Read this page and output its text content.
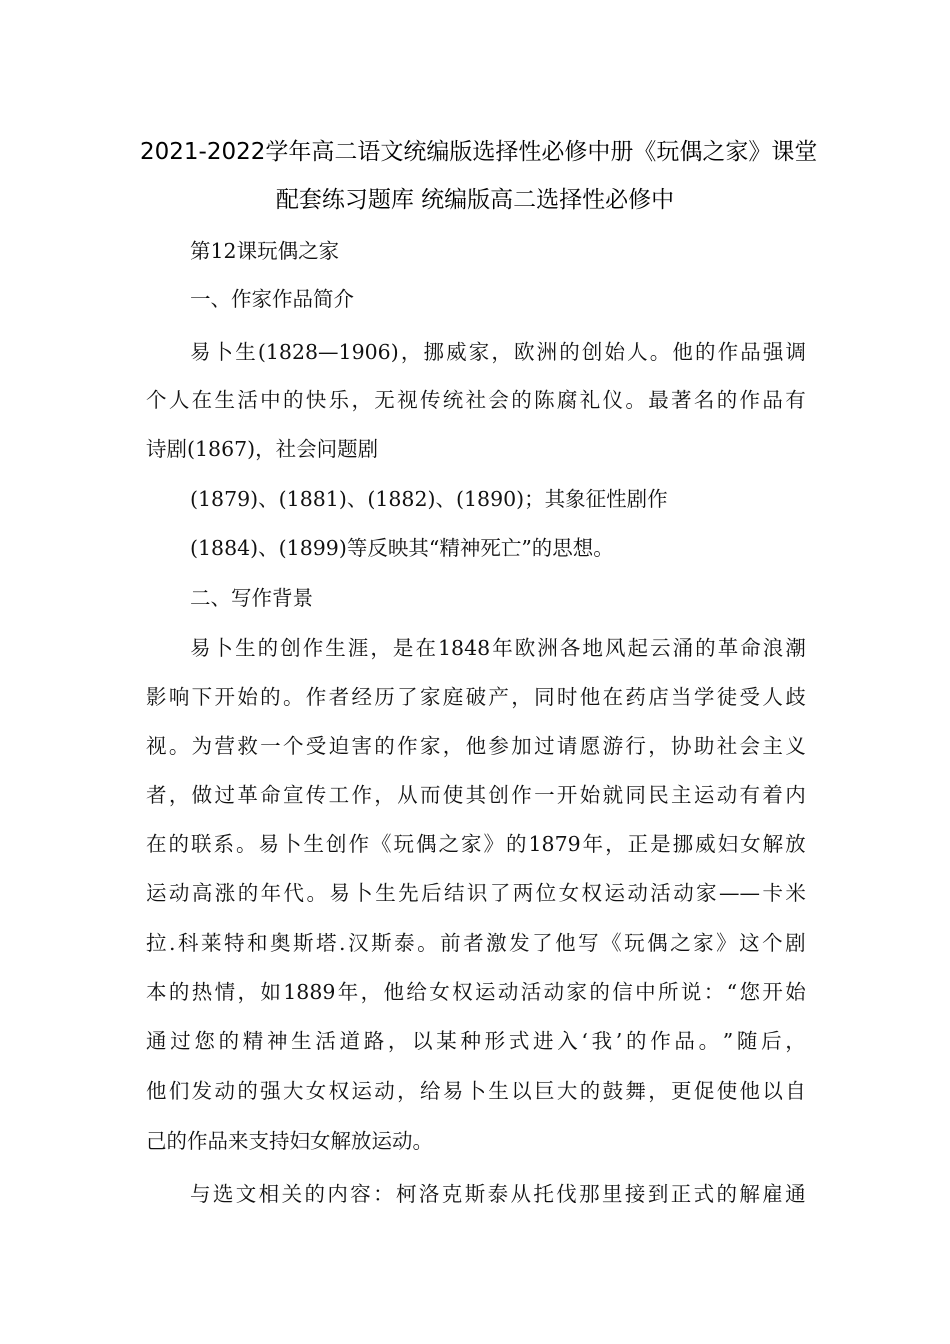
2021-2022学年高二语文统编版选择性必修中册《玩偶之家》课堂
配套练习题库 统编版高二选择性必修中
第12课玩偶之家
一、作家作品简介
易 卜 生 (1828—1906) ， 挪 威 家 ， 欧 洲 的 创 始 人 。 他 的 作 品 强 调
个 人 在 生 活 中 的 快 乐 ， 无 视 传 统 社 会 的 陈 腐 礼 仪 。 最 著 名 的 作 品 有
诗剧(1867)，社会问题剧
(1879)、(1881)、(1882)、(1890)；其象征性剧作
(1884)、(1899)等反映其“精神死亡”的思想。
二、写作背景
易 卜 生 的 创 作 生 涯 ， 是 在 1848 年 欧 洲 各 地 风 起 云 涌 的 革 命 浪 潮
影 响 下 开 始 的 。 作 者 经 历 了 家 庭 破 产 ， 同 时 他 在 药 店 当 学 徒 受 人 歧
视 。 为 营 救 一 个 受 迫 害 的 作 家 ， 他 参 加 过 请 愿 游 行 ， 协 助 社 会 主 义
者 ， 做 过 革 命 宣 传 工 作 ， 从 而 使 其 创 作 一 开 始 就 同 民 主 运 动 有 着 内
在 的 联 系 。 易 卜 生 创 作 《 玩 偶 之 家 》 的 1879 年 ， 正 是 挪 威 妇 女 解 放
运 动 高 涨 的 年 代 。 易 卜 生 先 后 结 识 了 两 位 女 权 运 动 活 动 家 —— 卡 米
拉 . 科 莱 特 和 奥 斯 塔 . 汉 斯 泰 。 前 者 激 发 了 他 写 《 玩 偶 之 家 》 这 个 剧
本 的 热 情 ， 如 1889 年 ， 他 给 女 权 运 动 活 动 家 的 信 中 所 说 ： “ 您 开 始
通 过 您 的 精 神 生 活 道 路 ， 以 某 种 形 式 进 入 ‘ 我 ’ 的 作 品 。 ” 随 后 ，
他 们 发 动 的 强 大 女 权 运 动 ， 给 易 卜 生 以 巨 大 的 鼓 舞 ， 更 促 使 他 以 自
己的作品来支持妇女解放运动。
与 选 文 相 关 的 内 容 ： 柯 洛 克 斯 泰 从 托 伐 那 里 接 到 正 式 的 解 雇 通
